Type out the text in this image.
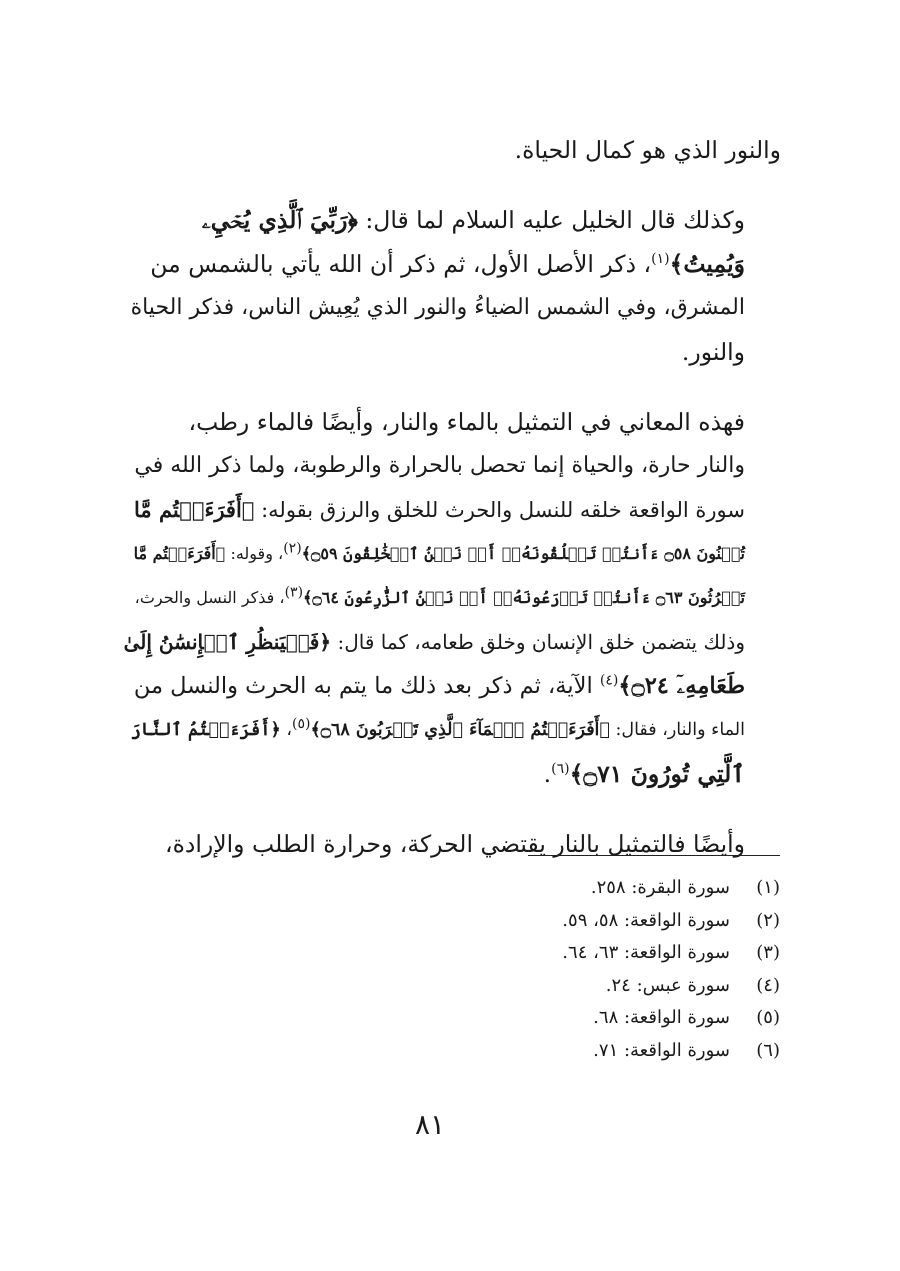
والنور الذي هو كمال الحياة.

وكذلك قال الخليل عليه السلام لما قال: ﴿رَبِّيَ ٱلَّذِي يُحۡيِۦ
وَيُمِيتُ﴾$^{(١)}$، ذكر الأصل الأول، ثم ذكر أن الله يأتي بالشمس من
المشرق، وفي الشمس الضياءُ والنور الذي يُعِيش الناس، فذكر الحياة
والنور.

فهذه المعاني في التمثيل بالماء والنار، وأيضًا فالماء رطب،
والنار حارة، والحياة إنما تحصل بالحرارة والرطوبة، ولما ذكر الله في
سورة الواقعة خلقه للنسل والحرث للخلق والرزق بقوله: ﴿أَفَرَءَيۡتُم مَّا
تُمۡنُونَ ۝٥٨ ءَأَنتُمۡ تَخۡلُقُونَهُۥٓ أَمۡ نَحۡنُ ٱلۡخَٰلِقُونَ ۝٥٩﴾$^{(٢)}$، وقوله: ﴿أَفَرَءَيۡتُم مَّا
تَحۡرُثُونَ ۝٦٣ ءَأَنتُمۡ تَزۡرَعُونَهُۥٓ أَمۡ نَحۡنُ ٱلزَّٰرِعُونَ ۝٦٤﴾$^{(٣)}$، فذكر النسل والحرث،
وذلك يتضمن خلق الإنسان وخلق طعامه، كما قال: ﴿فَلۡيَنظُرِ ٱلۡإِنسَٰنُ إِلَىٰ
طَعَامِهِۦٓ ۝٢٤﴾$^{(٤)}$ الآية، ثم ذكر بعد ذلك ما يتم به الحرث والنسل من
الماء والنار، فقال: ﴿أَفَرَءَيۡتُمُ ٱلۡمَآءَ ٱلَّذِي تَشۡرَبُونَ ۝٦٨﴾$^{(٥)}$، ﴿أَفَرَءَيۡتُمُ ٱلنَّارَ
ٱلَّتِي تُورُونَ ۝٧١﴾$^{(٦)}$.

وأيضًا فالتمثيل بالنار يقتضي الحركة، وحرارة الطلب والإرادة،

(١)
سورة البقرة: ٢٥٨.
(٢)
سورة الواقعة: ٥٨، ٥٩.
(٣)
سورة الواقعة: ٦٣، ٦٤.
(٤)
سورة عبس: ٢٤.
(٥)
سورة الواقعة: ٦٨.
(٦)
سورة الواقعة: ٧١.
٨١
